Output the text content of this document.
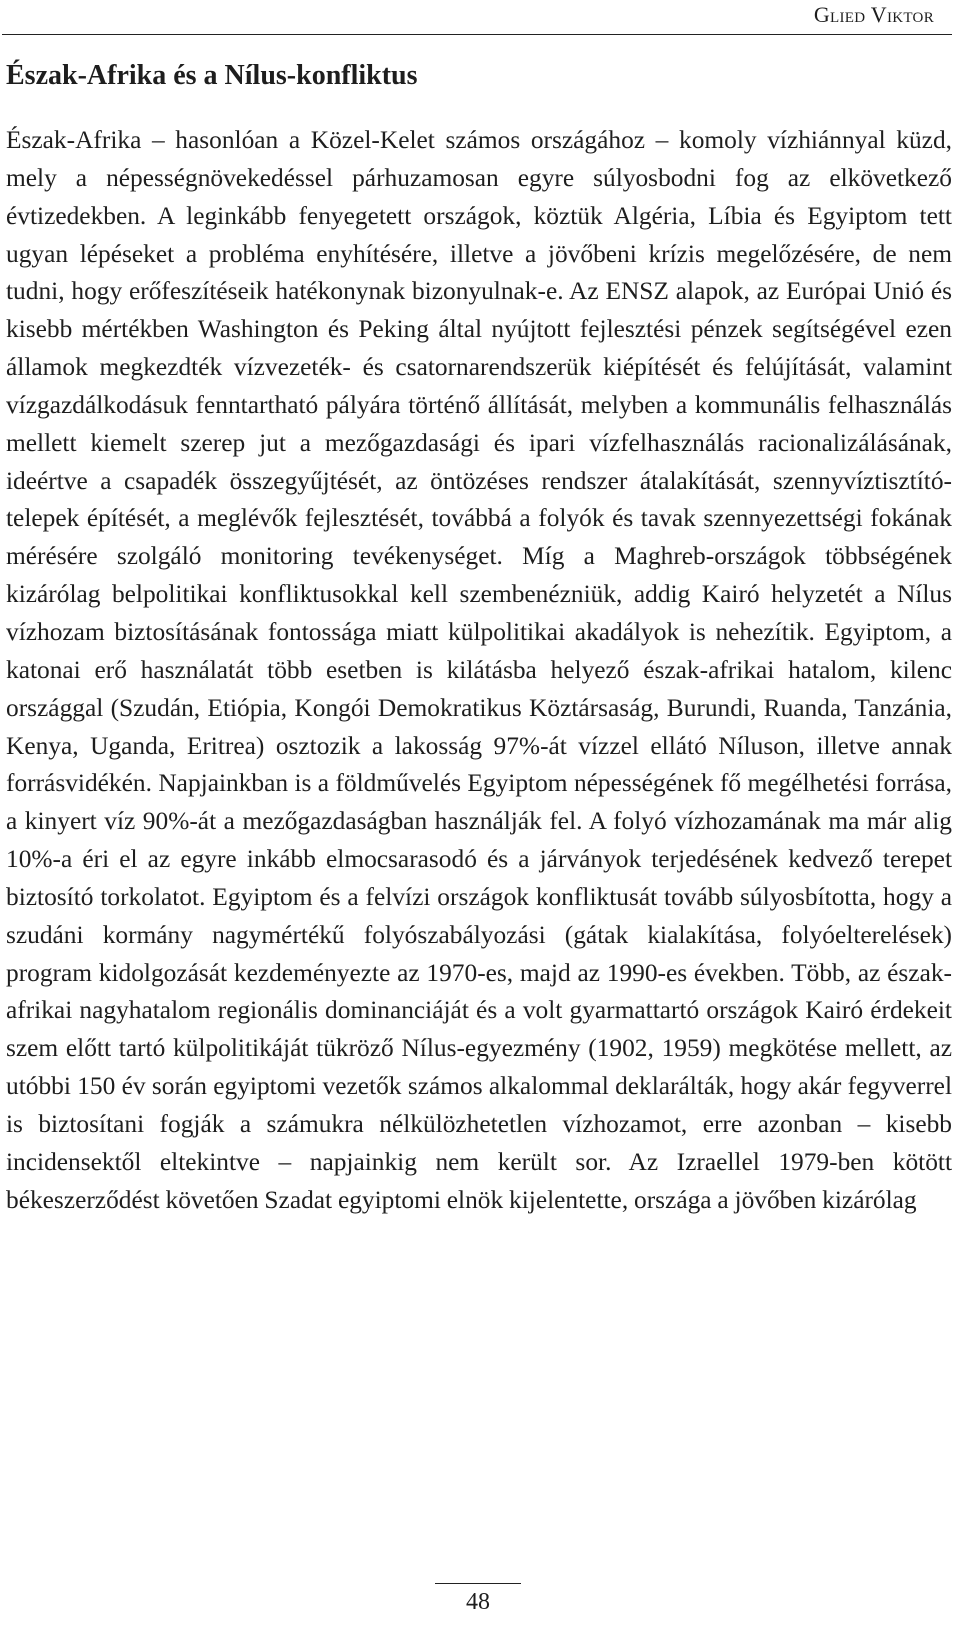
Glied Viktor
Észak-Afrika és a Nílus-konfliktus

Észak-Afrika – hasonlóan a Közel-Kelet számos országához – komoly vízhiánnyal küzd, mely a népességnövekedéssel párhuzamosan egyre súlyosbodni fog az elkövetkező évtizedekben. A leginkább fenyegetett országok, köztük Algéria, Líbia és Egyiptom tett ugyan lépéseket a probléma enyhítésére, illetve a jövőbeni krízis megelőzésére, de nem tudni, hogy erőfeszítéseik hatékonynak bizonyulnak-e. Az ENSZ alapok, az Európai Unió és kisebb mértékben Washington és Peking által nyújtott fejlesztési pénzek segítségével ezen államok megkezdték vízvezeték- és csatornarendszerük kiépítését és felújítását, valamint vízgazdálkodásuk fenntartható pályára történő állítását, melyben a kommunális felhasználás mellett kiemelt szerep jut a mezőgazdasági és ipari vízfelhasználás racionalizálásának, ideértve a csapadék összegyűjtését, az öntözéses rendszer átalakítását, szennyvíztisztító-telepek építését, a meglévők fejlesztését, továbbá a folyók és tavak szennyezettségi fokának mérésére szolgáló monitoring tevékenységet. Míg a Maghreb-országok többségének kizárólag belpolitikai konfliktusokkal kell szembenézniük, addig Kairó helyzetét a Nílus vízhozam biztosításának fontossága miatt külpolitikai akadályok is nehezítik. Egyiptom, a katonai erő használatát több esetben is kilátásba helyező észak-afrikai hatalom, kilenc országgal (Szudán, Etiópia, Kongói Demokratikus Köztársaság, Burundi, Ruanda, Tanzánia, Kenya, Uganda, Eritrea) osztozik a lakosság 97%-át vízzel ellátó Níluson, illetve annak forrásvidékén. Napjainkban is a földművelés Egyiptom népességének fő megélhetési forrása, a kinyert víz 90%-át a mezőgazdaságban használják fel. A folyó vízhozamának ma már alig 10%-a éri el az egyre inkább elmocsarasodó és a járványok terjedésének kedvező terepet biztosító torkolatot. Egyiptom és a felvízi országok konfliktusát tovább súlyosbította, hogy a szudáni kormány nagymértékű folyószabályozási (gátak kialakítása, folyóelterelések) program kidolgozását kezdeményezte az 1970-es, majd az 1990-es években. Több, az észak-afrikai nagyhatalom regionális dominanciáját és a volt gyarmattartó országok Kairó érdekeit szem előtt tartó külpolitikáját tükröző Nílus-egyezmény (1902, 1959) megkötése mellett, az utóbbi 150 év során egyiptomi vezetők számos alkalommal deklarálták, hogy akár fegyverrel is biztosítani fogják a számukra nélkülözhetetlen vízhozamot, erre azonban – kisebb incidensektől eltekintve – napjainkig nem került sor. Az Izraellel 1979-ben kötött békeszerződést követően Szadat egyiptomi elnök kijelentette, országa a jövőben kizárólag

48
